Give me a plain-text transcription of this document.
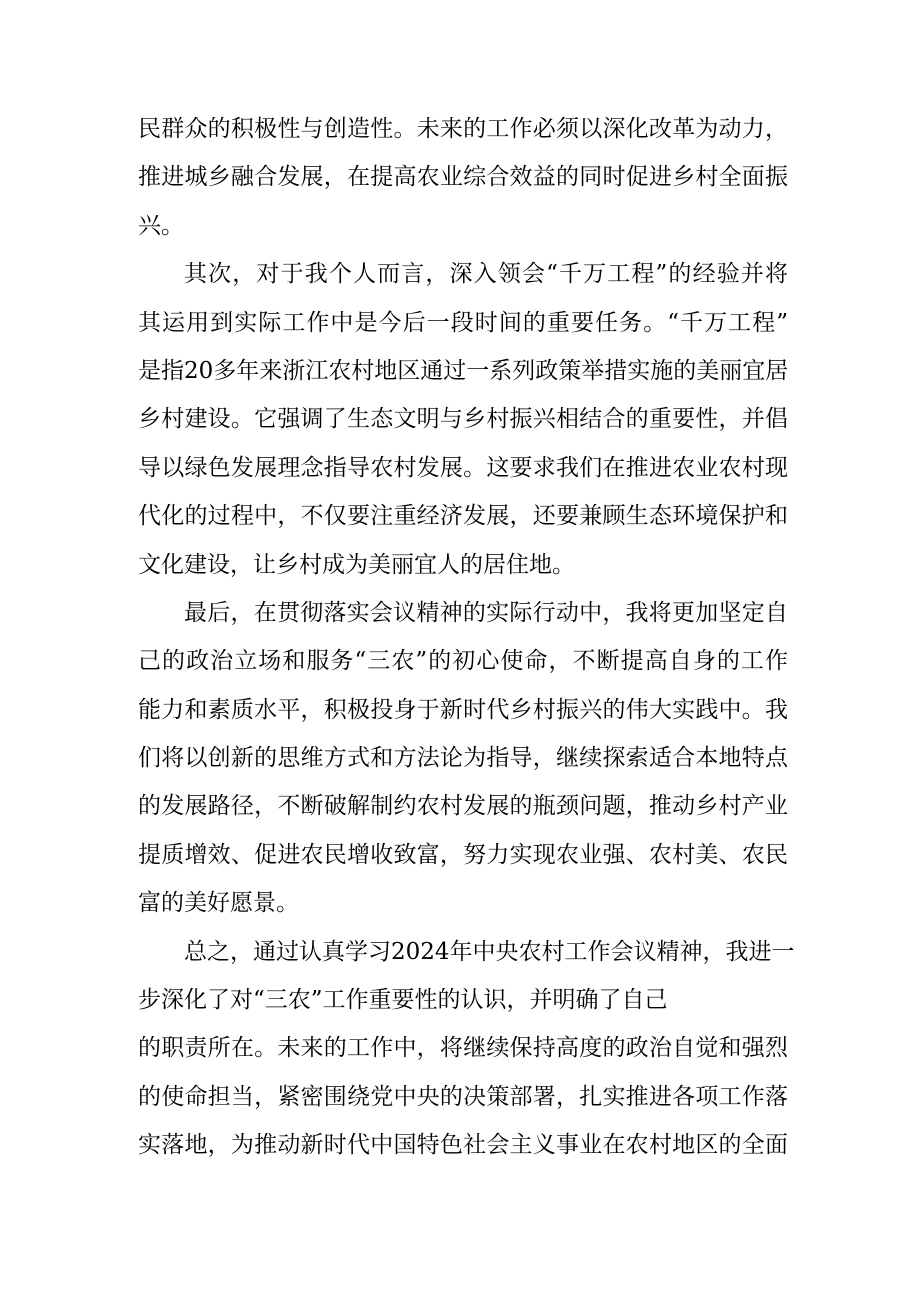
民群众的积极性与创造性。未来的工作必须以深化改革为动力，
推进城乡融合发展，在提高农业综合效益的同时促进乡村全面振
兴。
其次，对于我个人而言，深入领会“千万工程”的经验并将
其运用到实际工作中是今后一段时间的重要任务。“千万工程”
是指20多年来浙江农村地区通过一系列政策举措实施的美丽宜居
乡村建设。它强调了生态文明与乡村振兴相结合的重要性，并倡
导以绿色发展理念指导农村发展。这要求我们在推进农业农村现
代化的过程中，不仅要注重经济发展，还要兼顾生态环境保护和
文化建设，让乡村成为美丽宜人的居住地。
最后，在贯彻落实会议精神的实际行动中，我将更加坚定自
己的政治立场和服务“三农”的初心使命，不断提高自身的工作
能力和素质水平，积极投身于新时代乡村振兴的伟大实践中。我
们将以创新的思维方式和方法论为指导，继续探索适合本地特点
的发展路径，不断破解制约农村发展的瓶颈问题，推动乡村产业
提质增效、促进农民增收致富，努力实现农业强、农村美、农民
富的美好愿景。
总之，通过认真学习2024年中央农村工作会议精神，我进一
步深化了对“三农”工作重要性的认识，并明确了自己
的职责所在。未来的工作中，将继续保持高度的政治自觉和强烈
的使命担当，紧密围绕党中央的决策部署，扎实推进各项工作落
实落地，为推动新时代中国特色社会主义事业在农村地区的全面
